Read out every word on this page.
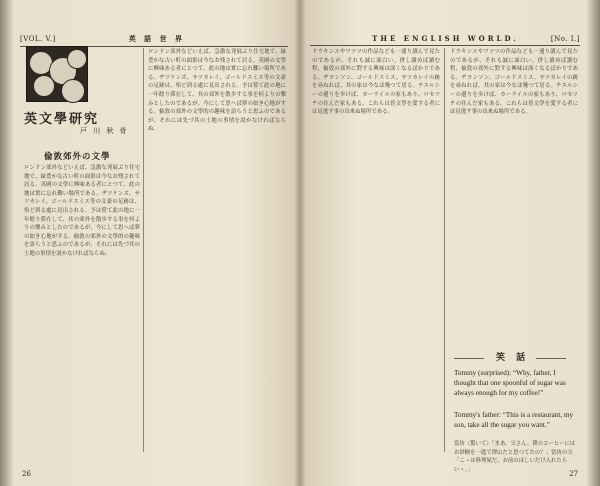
[VOL. V.]	英 語 世 界
英文學研究
戸 川 秋 骨
倫敦郊外の文學
ロンドン郊外などいえば、急激な発展ぶり住宅地で、緑豊かな古い町の面影は今なお残されて居る。英國の文學に興味ある者にとつて、此の地は實に忘れ難い場所である。ヂツケンズ、サツカレイ、ゴールドスミス等の文豪の足跡は、殆ど到る處に見出される。予は嘗て此の地に一年餘り滞在して、其の郊外を散歩する事を何よりの樂みとしたのであるが、今にして思へば夢の如き心地がする。倫敦の郊外の文學的の趣味を語らうと思ふのであるが、それには先づ其の土地の事情を説かなければならぬ。
ロンドン郊外などいえば、急激な発展ぶり住宅地で、緑豊かな古い町の面影は今なお残されて居る。英國の文學に興味ある者にとつて、此の地は實に忘れ難い場所である。ヂツケンズ、サツカレイ、ゴールドスミス等の文豪の足跡は、殆ど到る處に見出される。予は嘗て此の地に一年餘り滞在して、其の郊外を散歩する事を何よりの樂みとしたのであるが、今にして思へば夢の如き心地がする。倫敦の郊外の文學的の趣味を語らうと思ふのであるが、それには先づ其の土地の事情を説かなければならぬ。
26
THE ENGLISH WORLD.	[No. I.]
ドウキンスやワツツの作品なども一通り讀んで見たのであるが、それも誠に面白い。併し讀めば讀む程、倫敦の郊外に對する興味は深くなるばかりである。ヂヨンソン、ゴールドスミス、サツカレイの跡を尋ねれば、其の家は今なほ殘つて居る。チエルシーの邊りを歩けば、カーライルの家もあり、ロセツチの住んだ家もある。これらは皆文學を愛する者には見逃す事の出來ぬ場所である。
ドウキンスやワツツの作品なども一通り讀んで見たのであるが、それも誠に面白い。併し讀めば讀む程、倫敦の郊外に對する興味は深くなるばかりである。ヂヨンソン、ゴールドスミス、サツカレイの跡を尋ねれば、其の家は今なほ殘つて居る。チエルシーの邊りを歩けば、カーライルの家もあり、ロセツチの住んだ家もある。これらは皆文學を愛する者には見逃す事の出來ぬ場所である。
笑 話
Tommy (surprised): “Why, father, I thought that one spoonful of sugar was always enough for my coffee!”
Tommy's father: “This is a restaurant, my son, take all the sugar you want.”
當坊（驚いて）「まあ、父さん、僕のコーヒーにはお砂糖を一匙で澤山だと思つてたの？」當坊の父「こゝは料理屋だ、お前のほしいだけ入れたらいゝ。」
27
